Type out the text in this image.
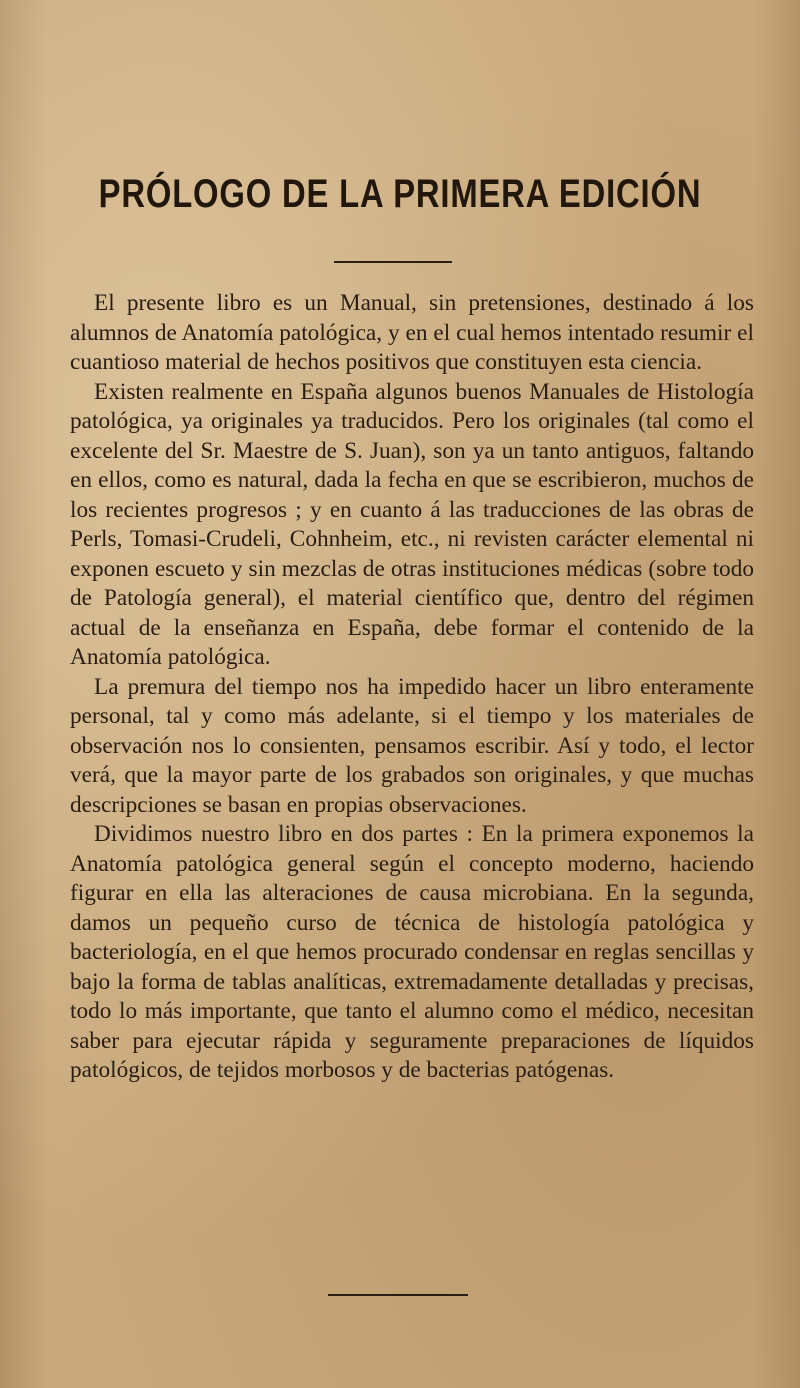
PRÓLOGO DE LA PRIMERA EDICIÓN

El presente libro es un Manual, sin pretensiones, destinado á los alumnos de Anatomía patológica, y en el cual hemos intentado resumir el cuantioso material de hechos positivos que constituyen esta ciencia.

Existen realmente en España algunos buenos Manuales de Histología patológica, ya originales ya traducidos. Pero los originales (tal como el excelente del Sr. Maestre de S. Juan), son ya un tanto antiguos, faltando en ellos, como es natural, dada la fecha en que se escribieron, muchos de los recientes progresos ; y en cuanto á las traducciones de las obras de Perls, Tomasi-Crudeli, Cohnheim, etc., ni revisten carácter elemental ni exponen escueto y sin mezclas de otras instituciones médicas (sobre todo de Patología general), el material científico que, dentro del régimen actual de la enseñanza en España, debe formar el contenido de la Anatomía patológica.

La premura del tiempo nos ha impedido hacer un libro enteramente personal, tal y como más adelante, si el tiempo y los materiales de observación nos lo consienten, pensamos escribir. Así y todo, el lector verá, que la mayor parte de los grabados son originales, y que muchas descripciones se basan en propias observaciones.

Dividimos nuestro libro en dos partes : En la primera exponemos la Anatomía patológica general según el concepto moderno, haciendo figurar en ella las alteraciones de causa microbiana. En la segunda, damos un pequeño curso de técnica de histología patológica y bacteriología, en el que hemos procurado condensar en reglas sencillas y bajo la forma de tablas analíticas, extremadamente detalladas y precisas, todo lo más importante, que tanto el alumno como el médico, necesitan saber para ejecutar rápida y seguramente preparaciones de líquidos patológicos, de tejidos morbosos y de bacterias patógenas.
